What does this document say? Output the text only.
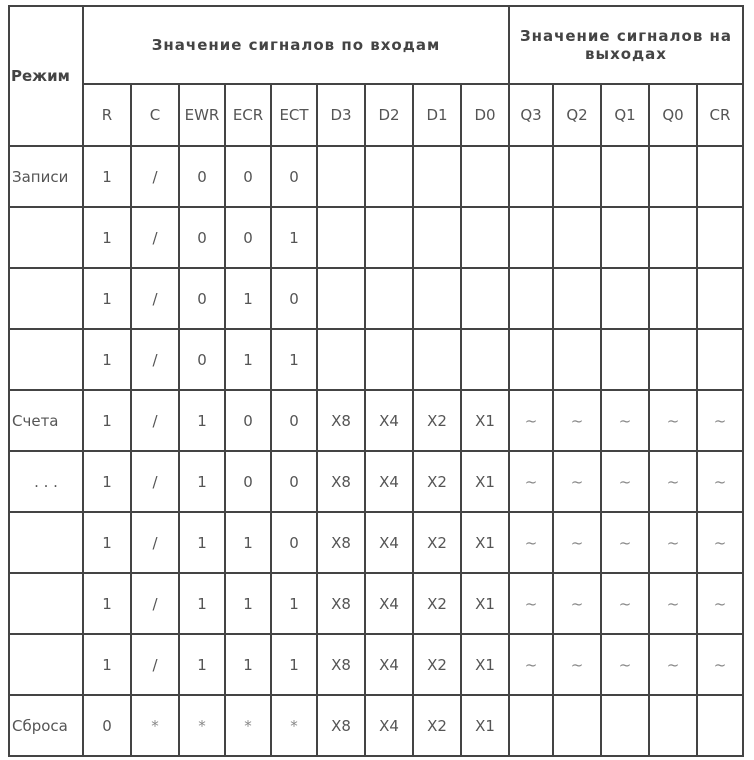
Режим	Значение сигналов по входам									Значение сигналов на выходах				
	R	C	EWR	ECR	ECT	D3	D2	D1	D0	Q3	Q2	Q1	Q0	CR
Записи	1	/	0	0	0									
	1	/	0	0	1									
	1	/	0	1	0									
	1	/	0	1	1									
Счета	1	/	1	0	0	X8	X4	X2	X1	~	~	~	~	~
. . .	1	/	1	0	0	X8	X4	X2	X1	~	~	~	~	~
	1	/	1	1	0	X8	X4	X2	X1	~	~	~	~	~
	1	/	1	1	1	X8	X4	X2	X1	~	~	~	~	~
	1	/	1	1	1	X8	X4	X2	X1	~	~	~	~	~
Сброса	0	*	*	*	*	X8	X4	X2	X1					
